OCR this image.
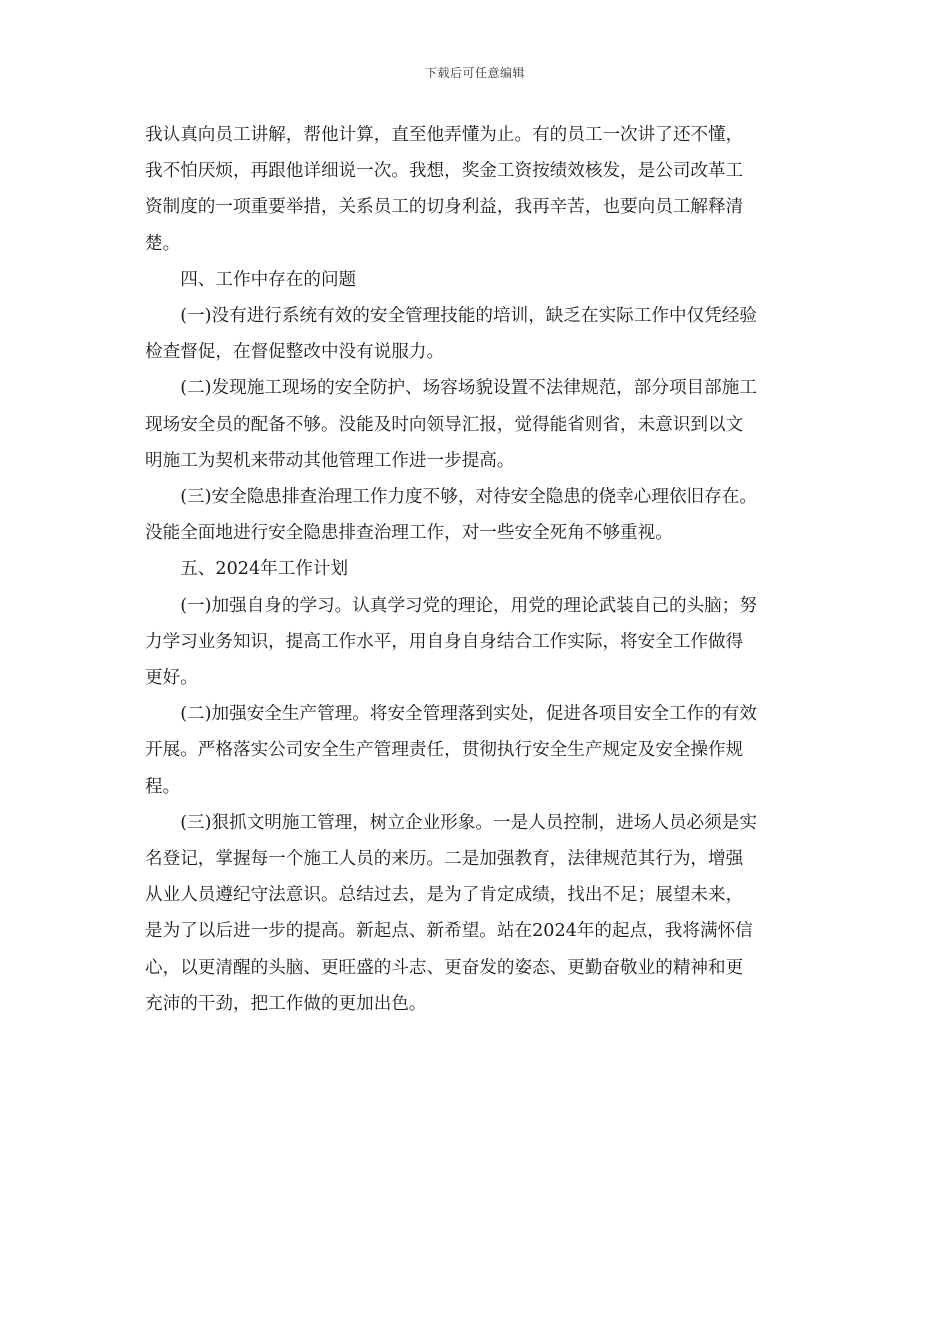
下载后可任意编辑

我认真向员工讲解，帮他计算，直至他弄懂为止。有的员工一次讲了还不懂，
我不怕厌烦，再跟他详细说一次。我想，奖金工资按绩效核发，是公司改革工
资制度的一项重要举措，关系员工的切身利益，我再辛苦，也要向员工解释清
楚。

四、工作中存在的问题

(一)没有进行系统有效的安全管理技能的培训，缺乏在实际工作中仅凭经验
检查督促，在督促整改中没有说服力。

(二)发现施工现场的安全防护、场容场貌设置不法律规范，部分项目部施工
现场安全员的配备不够。没能及时向领导汇报，觉得能省则省，未意识到以文
明施工为契机来带动其他管理工作进一步提高。

(三)安全隐患排查治理工作力度不够，对待安全隐患的侥幸心理依旧存在。
没能全面地进行安全隐患排查治理工作，对一些安全死角不够重视。

五、2024年工作计划

(一)加强自身的学习。认真学习党的理论，用党的理论武装自己的头脑；努
力学习业务知识，提高工作水平，用自身自身结合工作实际，将安全工作做得
更好。

(二)加强安全生产管理。将安全管理落到实处，促进各项目安全工作的有效
开展。严格落实公司安全生产管理责任，贯彻执行安全生产规定及安全操作规
程。

(三)狠抓文明施工管理，树立企业形象。一是人员控制，进场人员必须是实
名登记，掌握每一个施工人员的来历。二是加强教育，法律规范其行为，增强
从业人员遵纪守法意识。总结过去，是为了肯定成绩，找出不足；展望未来，
是为了以后进一步的提高。新起点、新希望。站在2024年的起点，我将满怀信
心，以更清醒的头脑、更旺盛的斗志、更奋发的姿态、更勤奋敬业的精神和更
充沛的干劲，把工作做的更加出色。
